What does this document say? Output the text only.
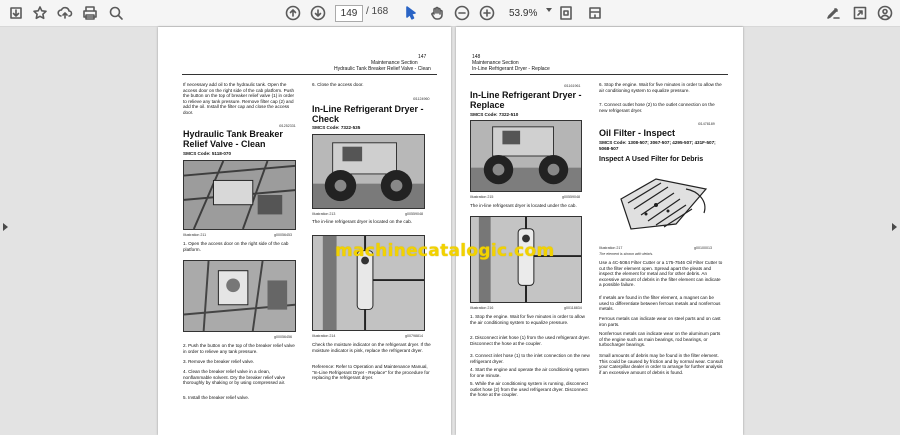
149 / 168	53.9%
147
Maintenance Section
Hydraulic Tank Breaker Relief Valve - Clean
If necessary add oil to the hydraulic tank. Open the access door on the right side of the cab platform. Push the button on the top of breaker relief valve (1) in order to relieve any tank pressure. Remove filter cap (2) and add the oil. Install the filter cap and close the access door.
i01252331
Hydraulic Tank Breaker Relief Valve - Clean
SMCS Code: 5118-070
Illustration 211	g00056453
1. Open the access door on the right side of the cab platform.
g00056456
2. Push the button on the top of the breaker relief valve in order to relieve any tank pressure.
3. Remove the breaker relief valve.
4. Clean the breaker relief valve in a clean, nonflammable solvent. Dry the breaker relief valve thoroughly by shaking or by using compressed air.
5. Install the breaker relief valve.
6. Close the access door.
i01124960
In-Line Refrigerant Dryer - Check
SMCS Code: 7322-535
Illustration 213	g00559048
The in-line refrigerant dryer is located on the cab.
Illustration 214	g00798814
Check the moisture indicator on the refrigerant dryer. If the moisture indicator is pink, replace the refrigerant dryer.
Reference: Refer to Operation and Maintenance Manual, "In-Line Refrigerant Dryer - Replace" for the procedure for replacing the refrigerant dryer.
148
Maintenance Section
In-Line Refrigerant Dryer - Replace
i01161961
In-Line Refrigerant Dryer - Replace
SMCS Code: 7322-510
Illustration 215	g00559048
The in-line refrigerant dryer is located under the cab.
Illustration 216	g00118834
1. Stop the engine. Wait for five minutes in order to allow the air conditioning system to equalize pressure.
2. Disconnect inlet hose (1) from the used refrigerant dryer. Disconnect the hose at the coupler.
3. Connect inlet hose (1) to the inlet connection on the new refrigerant dryer.
4. Start the engine and operate the air conditioning system for one minute.
5. While the air conditioning system is running, disconnect outlet hose (2) from the used refrigerant dryer. Disconnect the hose at the coupler.
6. Stop the engine. Wait for five minutes in order to allow the air conditioning system to equalize pressure.
7. Connect outlet hose (2) to the outlet connection on the new refrigerant dryer.
i01478189
Oil Filter - Inspect
SMCS Code: 1308-507; 3067-507; 4295-507; 431F-507; 5068-507
Inspect A Used Filter for Debris
Illustration 217	g00100013
The element is shown with debris.
Use a 4C-5084 Filter Cutter or a 175-7546 Oil Filter Cutter to cut the filter element open. Spread apart the pleats and inspect the element for metal and for other debris. An excessive amount of debris in the filter element can indicate a possible failure.
If metals are found in the filter element, a magnet can be used to differentiate between ferrous metals and nonferrous metals.
Ferrous metals can indicate wear on steel parts and on cast iron parts.
Nonferrous metals can indicate wear on the aluminum parts of the engine such as main bearings, rod bearings, or turbocharger bearings.
Small amounts of debris may be found in the filter element. This could be caused by friction and by normal wear. Consult your Caterpillar dealer in order to arrange for further analysis if an excessive amount of debris is found.
machinecatalogic.com
